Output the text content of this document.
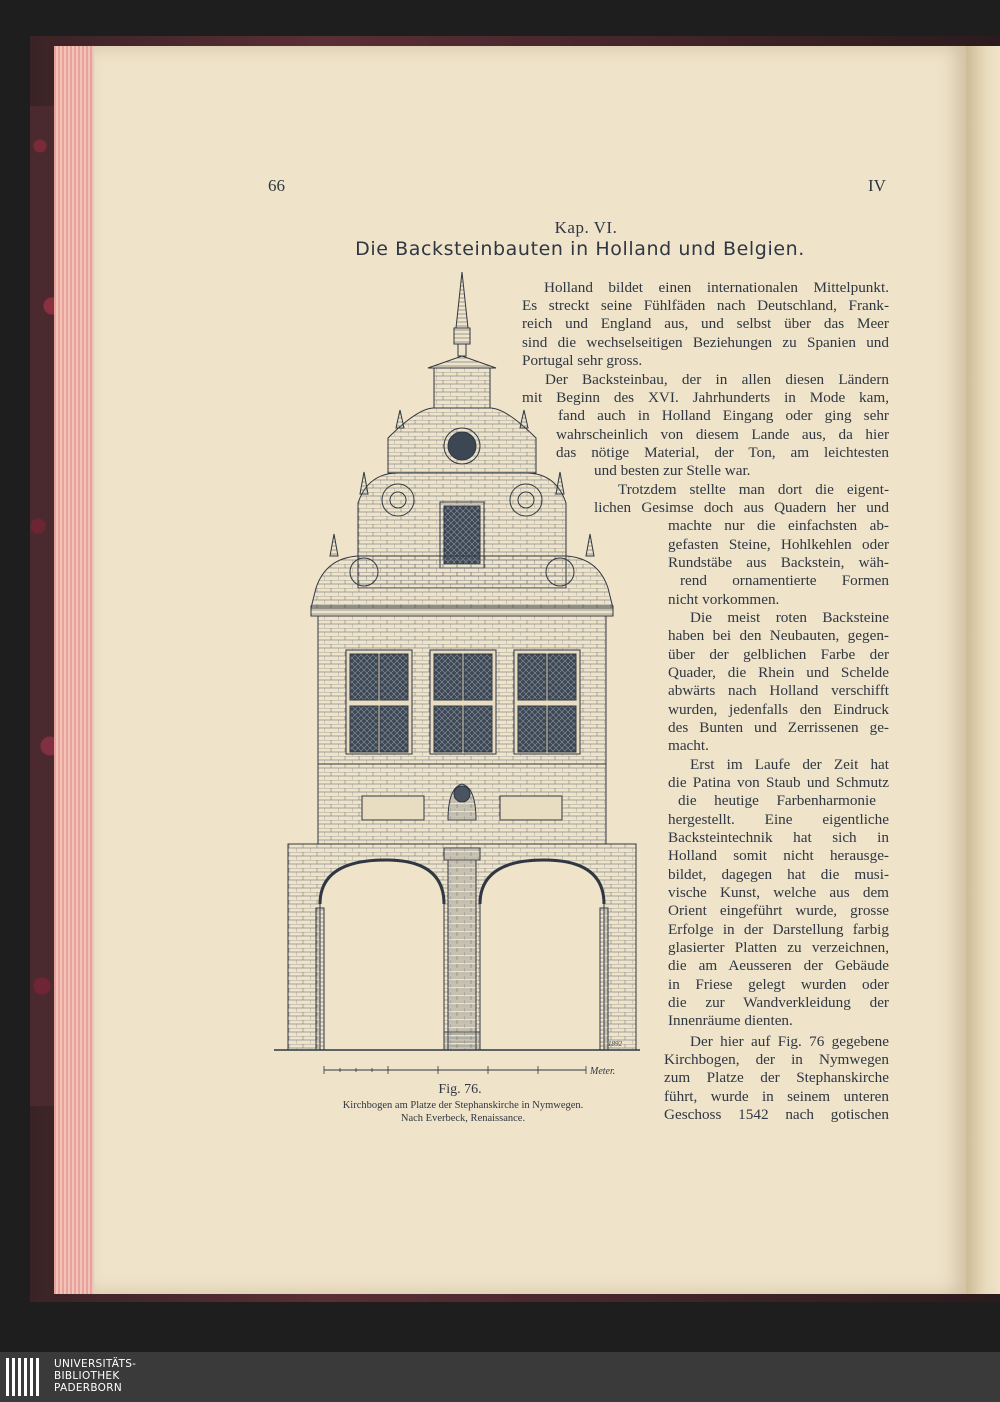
66	IV
Kap. VI.
Die Backsteinbauten in Holland und Belgien.
Holland bildet einen internationalen Mittelpunkt.
Es streckt seine Fühlfäden nach Deutschland, Frank-
reich und England aus, und selbst über das Meer
sind die wechselseitigen Beziehungen zu Spanien und
Portugal sehr gross.
Der Backsteinbau, der in allen diesen Ländern
mit Beginn des XVI. Jahrhunderts in Mode kam,
fand auch in Holland Eingang oder ging sehr
wahrscheinlich von diesem Lande aus, da hier
das nötige Material, der Ton, am leichtesten
und besten zur Stelle war.
Trotzdem stellte man dort die eigent-
lichen Gesimse doch aus Quadern her und
machte nur die einfachsten ab-
gefasten Steine, Hohlkehlen oder
Rundstäbe aus Backstein, wäh-
rend ornamentierte Formen
nicht vorkommen.
Die meist roten Backsteine
haben bei den Neubauten, gegen-
über der gelblichen Farbe der
Quader, die Rhein und Schelde
abwärts nach Holland verschifft
wurden, jedenfalls den Eindruck
des Bunten und Zerrissenen ge-
macht.
Erst im Laufe der Zeit hat
die Patina von Staub und Schmutz
die heutige Farbenharmonie
hergestellt. Eine eigentliche
Backsteintechnik hat sich in
Holland somit nicht herausge-
bildet, dagegen hat die musi-
vische Kunst, welche aus dem
Orient eingeführt wurde, grosse
Erfolge in der Darstellung farbig
glasierter Platten zu verzeichnen,
die am Aeusseren der Gebäude
in Friese gelegt wurden oder
die zur Wandverkleidung der
Innenräume dienten.
Der hier auf Fig. 76 gegebene
Kirchbogen, der in Nymwegen
zum Platze der Stephanskirche
führt, wurde in seinem unteren
Geschoss 1542 nach gotischen
Meter.
1892
Fig. 76.
Kirchbogen am Platze der Stephanskirche in Nymwegen.
Nach Everbeck, Renaissance.
UNIVERSITÄTS-
BIBLIOTHEK
PADERBORN
